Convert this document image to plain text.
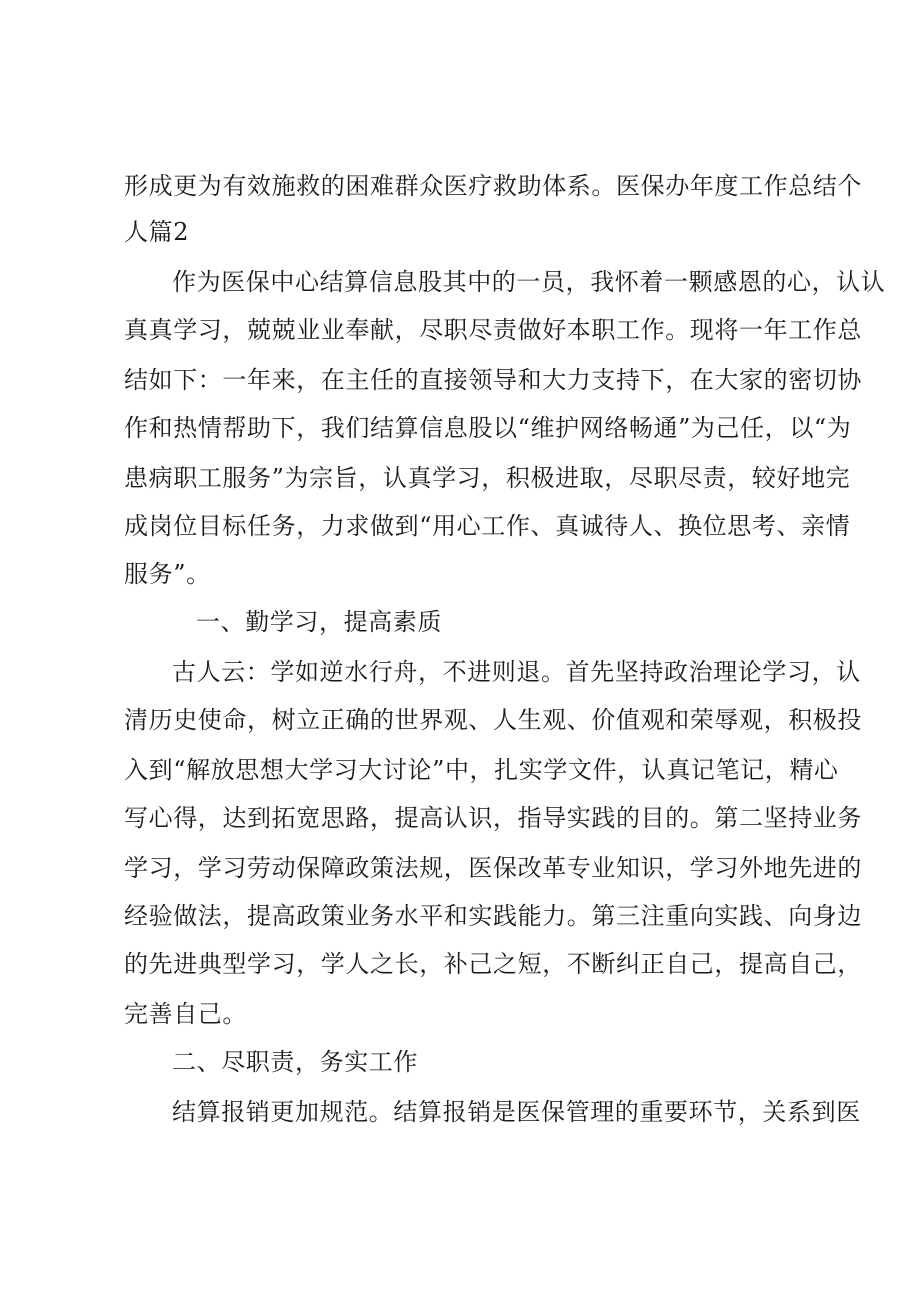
形成更为有效施救的困难群众医疗救助体系。医保办年度工作总结个
人篇2
作为医保中心结算信息股其中的一员，我怀着一颗感恩的心，认认
真真学习，兢兢业业奉献，尽职尽责做好本职工作。现将一年工作总
结如下：一年来，在主任的直接领导和大力支持下，在大家的密切协
作和热情帮助下，我们结算信息股以“维护网络畅通”为己任，以“为
患病职工服务”为宗旨，认真学习，积极进取，尽职尽责，较好地完
成岗位目标任务，力求做到“用心工作、真诚待人、换位思考、亲情
服务”。
一、勤学习，提高素质
古人云：学如逆水行舟，不进则退。首先坚持政治理论学习，认
清历史使命，树立正确的世界观、人生观、价值观和荣辱观，积极投
入到“解放思想大学习大讨论”中，扎实学文件，认真记笔记，精心
写心得，达到拓宽思路，提高认识，指导实践的目的。第二坚持业务
学习，学习劳动保障政策法规，医保改革专业知识，学习外地先进的
经验做法，提高政策业务水平和实践能力。第三注重向实践、向身边
的先进典型学习，学人之长，补己之短，不断纠正自己，提高自己，
完善自己。
二、尽职责，务实工作
结算报销更加规范。结算报销是医保管理的重要环节，关系到医
